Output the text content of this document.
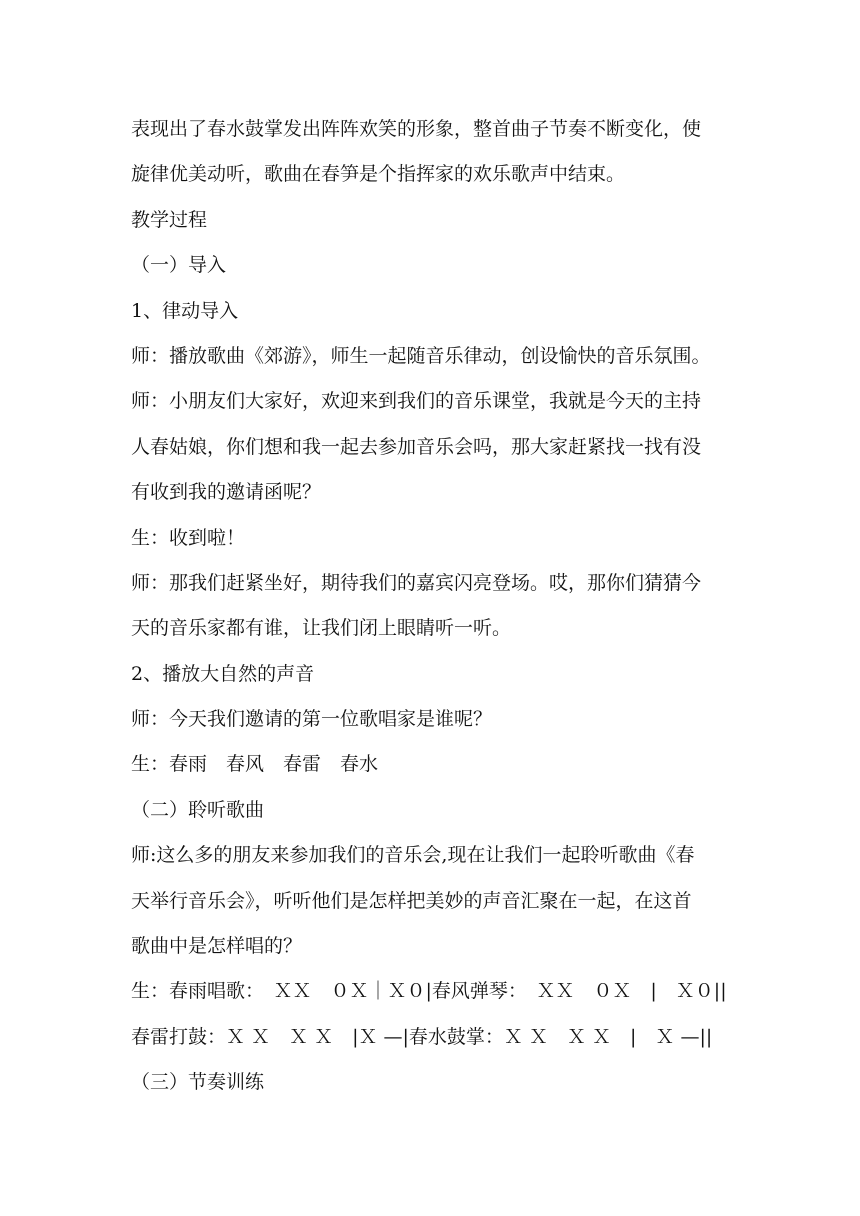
表现出了春水鼓掌发出阵阵欢笑的形象，整首曲子节奏不断变化，使
旋律优美动听，歌曲在春笋是个指挥家的欢乐歌声中结束。
教学过程
（一）导入
1、律动导入
师：播放歌曲《郊游》，师生一起随音乐律动，创设愉快的音乐氛围。
师：小朋友们大家好，欢迎来到我们的音乐课堂，我就是今天的主持
人春姑娘，你们想和我一起去参加音乐会吗，那大家赶紧找一找有没
有收到我的邀请函呢？
生：收到啦！
师：那我们赶紧坐好，期待我们的嘉宾闪亮登场。哎，那你们猜猜今
天的音乐家都有谁，让我们闭上眼睛听一听。
2、播放大自然的声音
师：今天我们邀请的第一位歌唱家是谁呢？
生：春雨　春风　春雷　春水
（二）聆听歌曲
师:这么多的朋友来参加我们的音乐会,现在让我们一起聆听歌曲《春
天举行音乐会》，听听他们是怎样把美妙的声音汇聚在一起，在这首
歌曲中是怎样唱的？
生：春雨唱歌：　ＸＸ　０Ｘ｜Ｘ０|春风弹琴：　ＸＸ　０Ｘ　|　Ｘ０||
春雷打鼓：Ｘ Ｘ　Ｘ Ｘ　|Ｘ —|春水鼓掌：Ｘ Ｘ　Ｘ Ｘ　|　Ｘ —||
（三）节奏训练
